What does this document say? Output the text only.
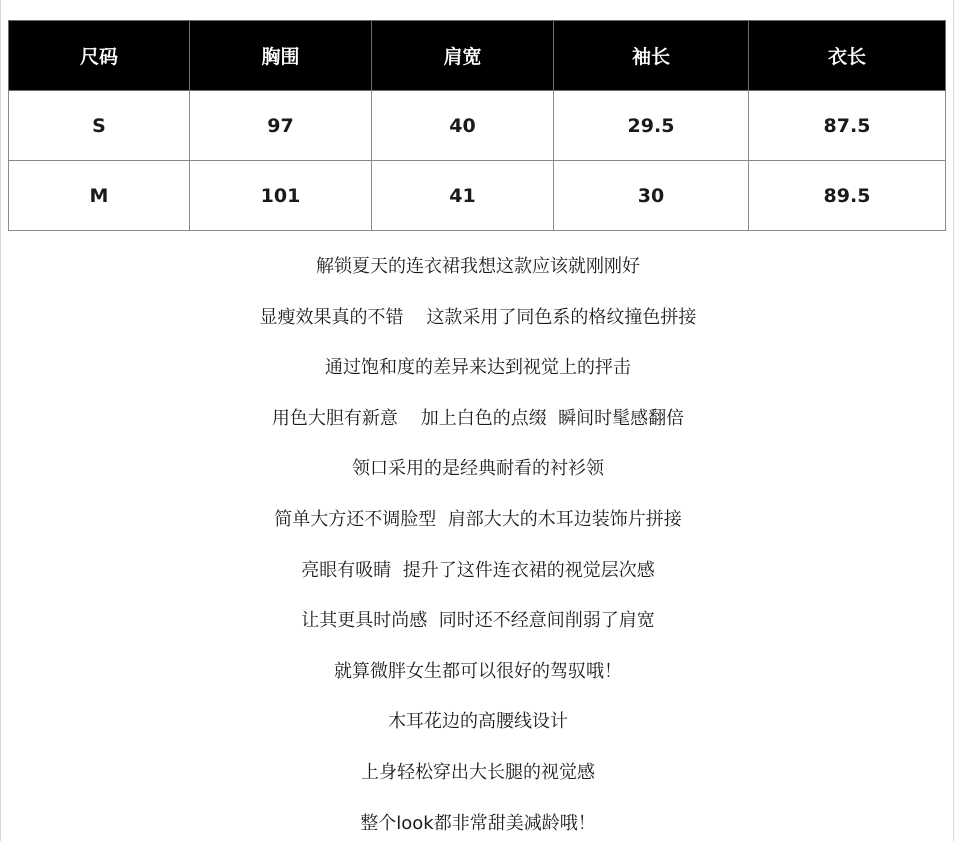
尺码	胸围	肩宽	袖长	衣长
S	97	40	29.5	87.5
M	101	41	30	89.5

解锁夏天的连衣裙我想这款应该就刚刚好

显瘦效果真的不错    这款采用了同色系的格纹撞色拼接

通过饱和度的差异来达到视觉上的抨击

用色大胆有新意    加上白色的点缀  瞬间时髦感翻倍

领口采用的是经典耐看的衬衫领

简单大方还不调脸型  肩部大大的木耳边装饰片拼接

亮眼有吸睛  提升了这件连衣裙的视觉层次感

让其更具时尚感  同时还不经意间削弱了肩宽

就算微胖女生都可以很好的驾驭哦！

木耳花边的高腰线设计

上身轻松穿出大长腿的视觉感

整个look都非常甜美减龄哦！
